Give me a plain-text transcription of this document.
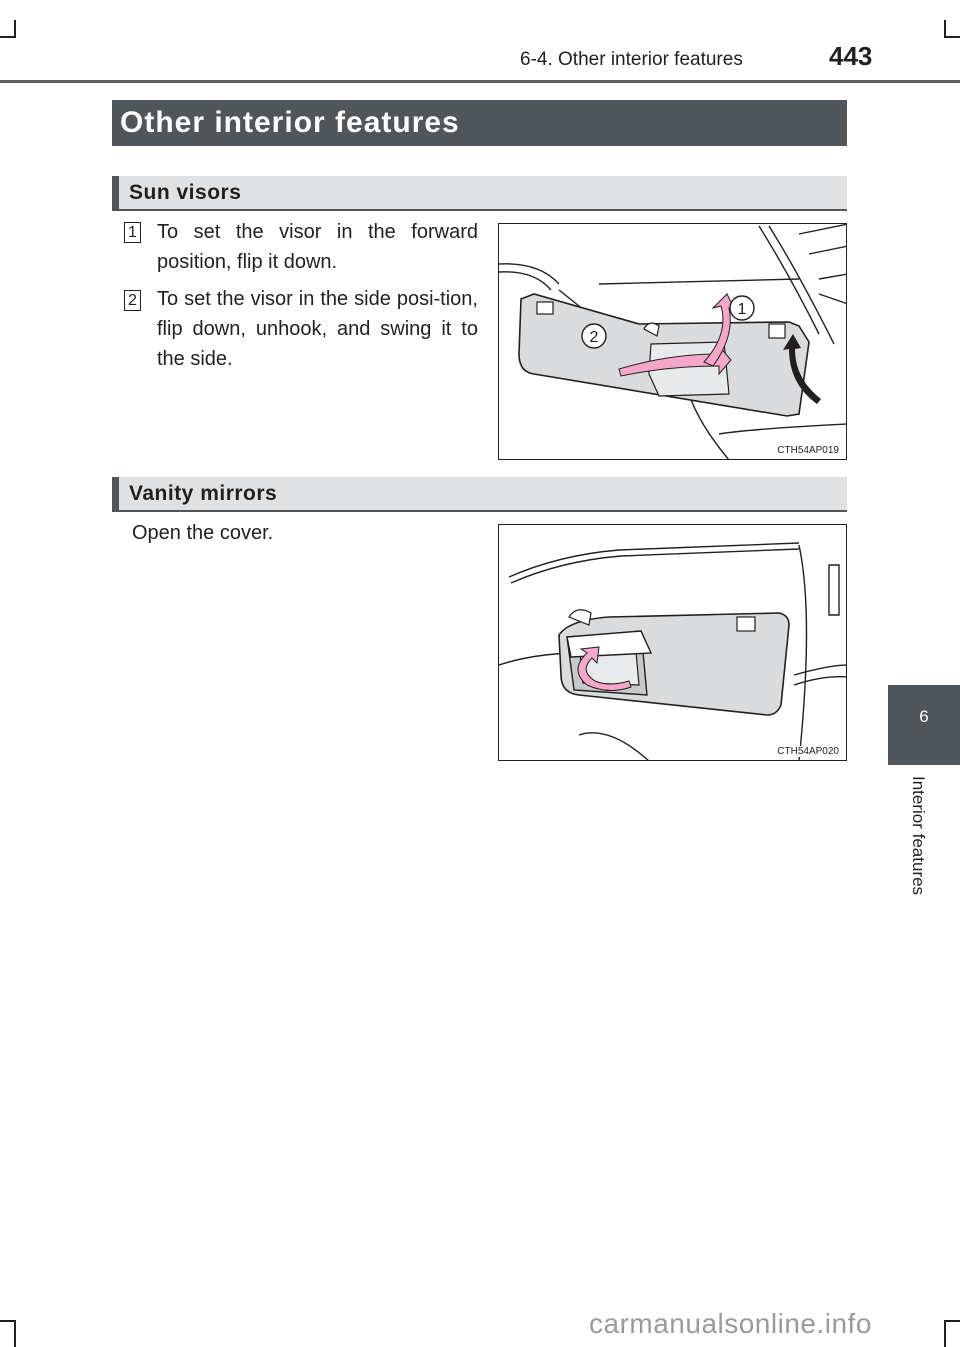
6-4. Other interior features	443
Other interior features
Sun visors
1 To set the visor in the forward position, flip it down.
2 To set the visor in the side posi-tion, flip down, unhook, and swing it to the side.
1
2
CTH54AP019
Vanity mirrors
Open the cover.
CTH54AP020
6
Interior features
carmanualsonline.info
